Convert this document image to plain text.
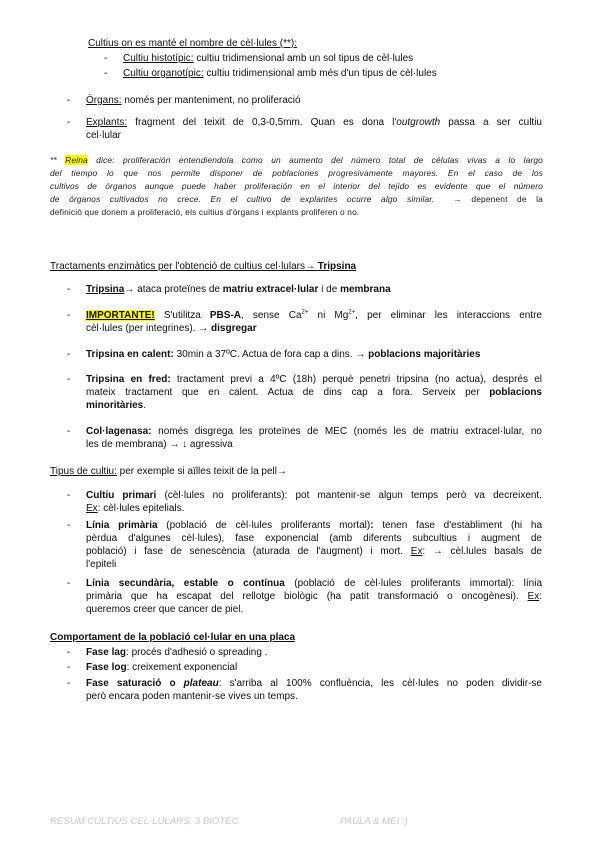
Cultius on es manté el nombre de cèl·lules (**):
- Cultiu histotípic: cultiu tridimensional amb un sol tipus de cèl·lules
- Cultiu organotípic: cultiu tridimensional amb més d'un tipus de cèl·lules
- Òrgans: només per manteniment, no proliferació
- Explants: fragment del teixit de 0,3-0,5mm. Quan es dona l'outgrowth passa a ser cultiu
cel·lular
** Reina dice: proliferación entendiendola como un aumento del número total de células vivas a lo largo
del tiempo lo que nos permite disponer de poblaciones progresivamente mayores. En el caso de los
cultivos de órganos aunque puede haber proliferación en el interior del tejido es evidente que el número
de órganos cultivados no crece. En el cultivo de explantes ocurre algo similar. → depenent de la
definició que donem a proliferació, els cultius d'òrgans i explants proliferen o no.
Tractaments enzimàtics per l'obtenció de cultius cel·lulars→ Tripsina
- Tripsina→ ataca proteïnes de matriu extracel·lular i de membrana
- IMPORTANTE! S'utilitza PBS-A, sense $Ca^{2+}$ ni $Mg^{2+}$, per eliminar les interaccions entre
cèl·lules (per integrines). → disgregar
- Tripsina en calent: 30min a 37ºC. Actua de fora cap a dins. → poblacions majoritàries
- Tripsina en fred: tractament previ a 4ºC (18h) perquè penetri tripsina (no actua), després el
mateix tractament que en calent. Actua de dins cap a fora. Serveix per poblacions
minoritàries.
- Col·lagenasa: només disgrega les proteïnes de MEC (només les de matriu extracel·lular, no
les de membrana) → ↓ agressiva
Tipus de cultiu: per exemple si aïlles teixit de la pell→
- Cultiu primari (cèl·lules no proliferants): pot mantenir-se algun temps però va decreixent.
Ex: cèl·lules epitelials.
- Línia primària (població de cèl·lules proliferants mortal): tenen fase d'establiment (hi ha
pèrdua d'algunes cèl·lules), fase exponencial (amb diferents subcultius i augment de
població) i fase de senescència (aturada de l'augment) i mort. Ex: → cèl.lules basals de
l'epiteli
- Línia secundària, estable o contínua (població de cèl·lules proliferants immortal): línia
primària que ha escapat del rellotge biològic (ha patit transformació o oncogènesi). Ex:
queremos creer que cancer de piel.
Comportament de la població cel·lular en una placa
- Fase lag: procés d'adhesió o spreading .
- Fase log: creixement exponencial
- Fase saturació o plateau: s'arriba al 100% confluència, les cèl·lules no poden dividir-se
però encara poden mantenir-se vives un temps.
RESUM CULTIUS CEL·LULARS, 3 BIOTEC	PAULA & MEI :)
